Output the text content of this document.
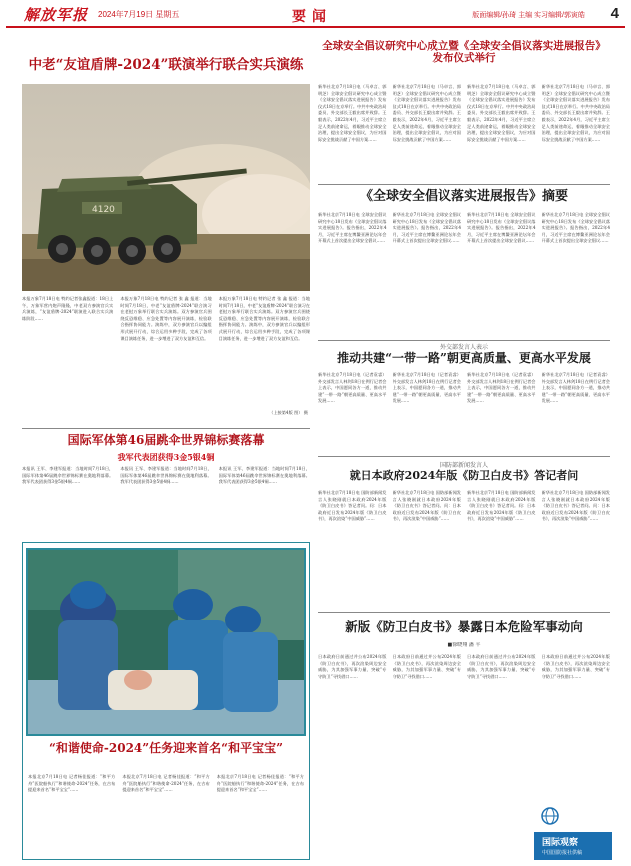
解放军报 2024年7月19日 星期五	要闻	版面编辑/孙琦 主编 实习编辑/郭寅皓 4
中老“友谊盾牌-2024”联演举行联合实兵演练
4120
本报万象7月18日电 特约记者张鑫报道：18日上午，万象军营内炮声隆隆，中老双方参演官兵实兵演练，“友谊盾牌-2024”联演进入联合实兵演练阶段……
本报万象7月18日电 特约记者 张 鑫 报道：当地时间7月18日，中老“友谊盾牌-2024”联合演习在老挝万象举行联合实兵演练。双方参演官兵围绕反恐维稳、应急处置等内容展开演练，检验联合指挥协同能力。演练中，双方参演官兵以编组形式展开行动，综合运用多种手段，完成了各项课目演练任务，进一步增进了双方友谊和互信。
本报万象7月18日电 特约记者 张 鑫 报道：当地时间7月18日，中老“友谊盾牌-2024”联合演习在老挝万象举行联合实兵演练。双方参演官兵围绕反恐维稳、应急处置等内容展开演练，检验联合指挥协同能力。演练中，双方参演官兵以编组形式展开行动，综合运用多种手段，完成了各项课目演练任务，进一步增进了双方友谊和互信。
（上接第4版 图） 摄
全球安全倡议研究中心成立暨《全球安全倡议落实进展报告》发布仪式举行
新华社北京7月18日电（马卓言、郭明芝）全球安全倡议研究中心成立暨《全球安全倡议落实进展报告》发布仪式18日在京举行。中共中央政治局委员、外交部长王毅出席并致辞。王毅表示，2022年4月，习近平主席立足人类前途命运，着眼推动全球安全治理，提出全球安全倡议，为应对国际安全挑战贡献了中国方案……
新华社北京7月18日电（马卓言、郭明芝）全球安全倡议研究中心成立暨《全球安全倡议落实进展报告》发布仪式18日在京举行。中共中央政治局委员、外交部长王毅出席并致辞。王毅表示，2022年4月，习近平主席立足人类前途命运，着眼推动全球安全治理，提出全球安全倡议，为应对国际安全挑战贡献了中国方案……
新华社北京7月18日电（马卓言、郭明芝）全球安全倡议研究中心成立暨《全球安全倡议落实进展报告》发布仪式18日在京举行。中共中央政治局委员、外交部长王毅出席并致辞。王毅表示，2022年4月，习近平主席立足人类前途命运，着眼推动全球安全治理，提出全球安全倡议，为应对国际安全挑战贡献了中国方案……
新华社北京7月18日电（马卓言、郭明芝）全球安全倡议研究中心成立暨《全球安全倡议落实进展报告》发布仪式18日在京举行。中共中央政治局委员、外交部长王毅出席并致辞。王毅表示，2022年4月，习近平主席立足人类前途命运，着眼推动全球安全治理，提出全球安全倡议，为应对国际安全挑战贡献了中国方案……
《全球安全倡议落实进展报告》摘要
新华社北京7月18日电 全球安全倡议研究中心18日发布《全球安全倡议落实进展报告》。报告指出，2022年4月，习近平主席在博鳌亚洲论坛年会开幕式上首次提出全球安全倡议……
新华社北京7月18日电 全球安全倡议研究中心18日发布《全球安全倡议落实进展报告》。报告指出，2022年4月，习近平主席在博鳌亚洲论坛年会开幕式上首次提出全球安全倡议……
新华社北京7月18日电 全球安全倡议研究中心18日发布《全球安全倡议落实进展报告》。报告指出，2022年4月，习近平主席在博鳌亚洲论坛年会开幕式上首次提出全球安全倡议……
新华社北京7月18日电 全球安全倡议研究中心18日发布《全球安全倡议落实进展报告》。报告指出，2022年4月，习近平主席在博鳌亚洲论坛年会开幕式上首次提出全球安全倡议……
外交部发言人表示
推动共建“一带一路”朝更高质量、更高水平发展
新华社北京7月18日电（记者袁睿）外交部发言人林剑18日在例行记者会上表示，中国愿同各方一道，推动共建“一带一路”朝更高质量、更高水平发展……
新华社北京7月18日电（记者袁睿）外交部发言人林剑18日在例行记者会上表示，中国愿同各方一道，推动共建“一带一路”朝更高质量、更高水平发展……
新华社北京7月18日电（记者袁睿）外交部发言人林剑18日在例行记者会上表示，中国愿同各方一道，推动共建“一带一路”朝更高质量、更高水平发展……
新华社北京7月18日电（记者袁睿）外交部发言人林剑18日在例行记者会上表示，中国愿同各方一道，推动共建“一带一路”朝更高质量、更高水平发展……
国际军体第46届跳伞世界锦标赛落幕
我军代表团获得3金5银4铜
本报讯 王军、李建军报道：当地时间7月18日，国际军体第46届跳伞世界锦标赛在奥地利落幕。我军代表团获得3金5银4铜……
本报讯 王军、李建军报道：当地时间7月18日，国际军体第46届跳伞世界锦标赛在奥地利落幕。我军代表团获得3金5银4铜……
本报讯 王军、李建军报道：当地时间7月18日，国际军体第46届跳伞世界锦标赛在奥地利落幕。我军代表团获得3金5银4铜……
国防部新闻发言人
就日本政府2024年版《防卫白皮书》答记者问
新华社北京7月18日电 国防部新闻发言人张晓刚就日本政府2024年版《防卫白皮书》答记者问。问：日本政府近日发布2024年版《防卫白皮书》，再次渲染“中国威胁”……
新华社北京7月18日电 国防部新闻发言人张晓刚就日本政府2024年版《防卫白皮书》答记者问。问：日本政府近日发布2024年版《防卫白皮书》，再次渲染“中国威胁”……
新华社北京7月18日电 国防部新闻发言人张晓刚就日本政府2024年版《防卫白皮书》答记者问。问：日本政府近日发布2024年版《防卫白皮书》，再次渲染“中国威胁”……
新华社北京7月18日电 国防部新闻发言人张晓刚就日本政府2024年版《防卫白皮书》答记者问。问：日本政府近日发布2024年版《防卫白皮书》，再次渲染“中国威胁”……
“和谐使命-2024”任务迎来首名“和平宝宝”
本报北京7月18日电 记者杨佳报道：“和平方舟”医院船执行“和谐使命-2024”任务，在吉布提迎来首名“和平宝宝”……
本报北京7月18日电 记者杨佳报道：“和平方舟”医院船执行“和谐使命-2024”任务，在吉布提迎来首名“和平宝宝”……
本报北京7月18日电 记者杨佳报道：“和平方舟”医院船执行“和谐使命-2024”任务，在吉布提迎来首名“和平宝宝”……
新版《防卫白皮书》暴露日本危险军事动向
■徐晓翔 潘 平
日本政府日前通过并公布2024年版《防卫白皮书》，再次渲染周边安全威胁，为其加强军事力量、突破“专守防卫”寻找借口……
日本政府日前通过并公布2024年版《防卫白皮书》，再次渲染周边安全威胁，为其加强军事力量、突破“专守防卫”寻找借口……
日本政府日前通过并公布2024年版《防卫白皮书》，再次渲染周边安全威胁，为其加强军事力量、突破“专守防卫”寻找借口……
日本政府日前通过并公布2024年版《防卫白皮书》，再次渲染周边安全威胁，为其加强军事力量、突破“专守防卫”寻找借口……
国际观察
中国国防报社供稿
